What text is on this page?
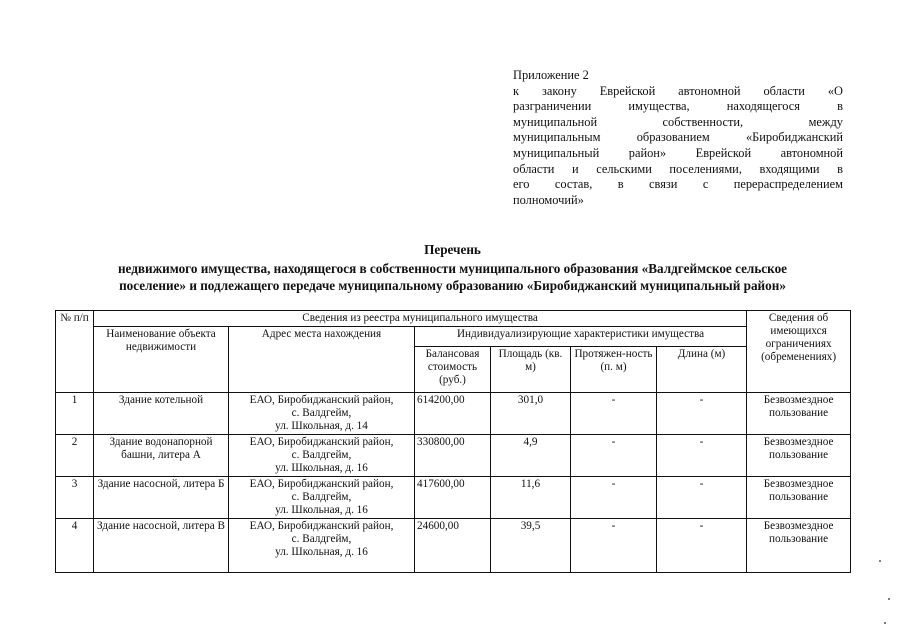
Приложение 2
к закону Еврейской автономной области «О
разграничении имущества, находящегося в
муниципальной собственности, между
муниципальным образованием «Биробиджанский
муниципальный район» Еврейской автономной
области и сельскими поселениями, входящими в
его состав, в связи с перераспределением
полномочий»
Перечень
недвижимого имущества, находящегося в собственности муниципального образования «Валдгеймское сельское
поселение» и подлежащего передаче муниципальному образованию «Биробиджанский муниципальный район»
№ п/п	Сведения из реестра муниципального имущества						Сведения об имеющихся ограничениях (обременениях)
	Наименование объекта недвижимости	Адрес места нахождения	Индивидуализирующие характеристики имущества				
			Балансовая стоимость (руб.)	Площадь (кв. м)	Протяжен-ность (п. м)	Длина (м)	
1	Здание котельной	ЕАО, Биробиджанский район,
с. Валдгейм,
ул. Школьная, д. 14	614200,00	301,0	-	-	Безвозмездное пользование
2	Здание водонапорной башни, литера А	ЕАО, Биробиджанский район,
с. Валдгейм,
ул. Школьная, д. 16	330800,00	4,9	-	-	Безвозмездное пользование
3	Здание насосной, литера Б	ЕАО, Биробиджанский район,
с. Валдгейм,
ул. Школьная, д. 16	417600,00	11,6	-	-	Безвозмездное пользование
4	Здание насосной, литера В	ЕАО, Биробиджанский район,
с. Валдгейм,
ул. Школьная, д. 16	24600,00	39,5	-	-	Безвозмездное пользование
